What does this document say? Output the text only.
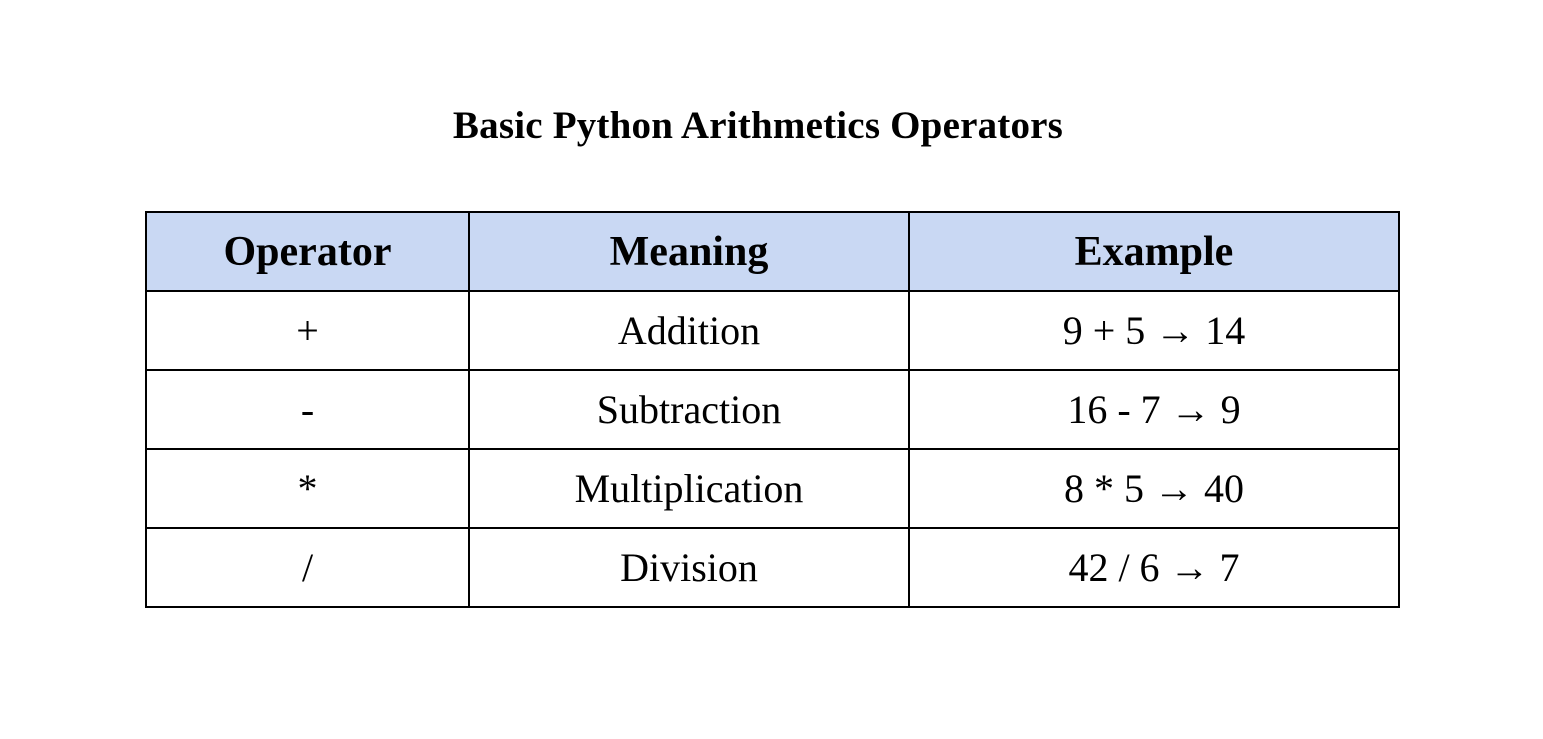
Basic Python Arithmetics Operators
Operator	Meaning	Example
+	Addition	9 + 5 → 14
-	Subtraction	16 - 7 → 9
*	Multiplication	8 * 5 → 40
/	Division	42 / 6 → 7
